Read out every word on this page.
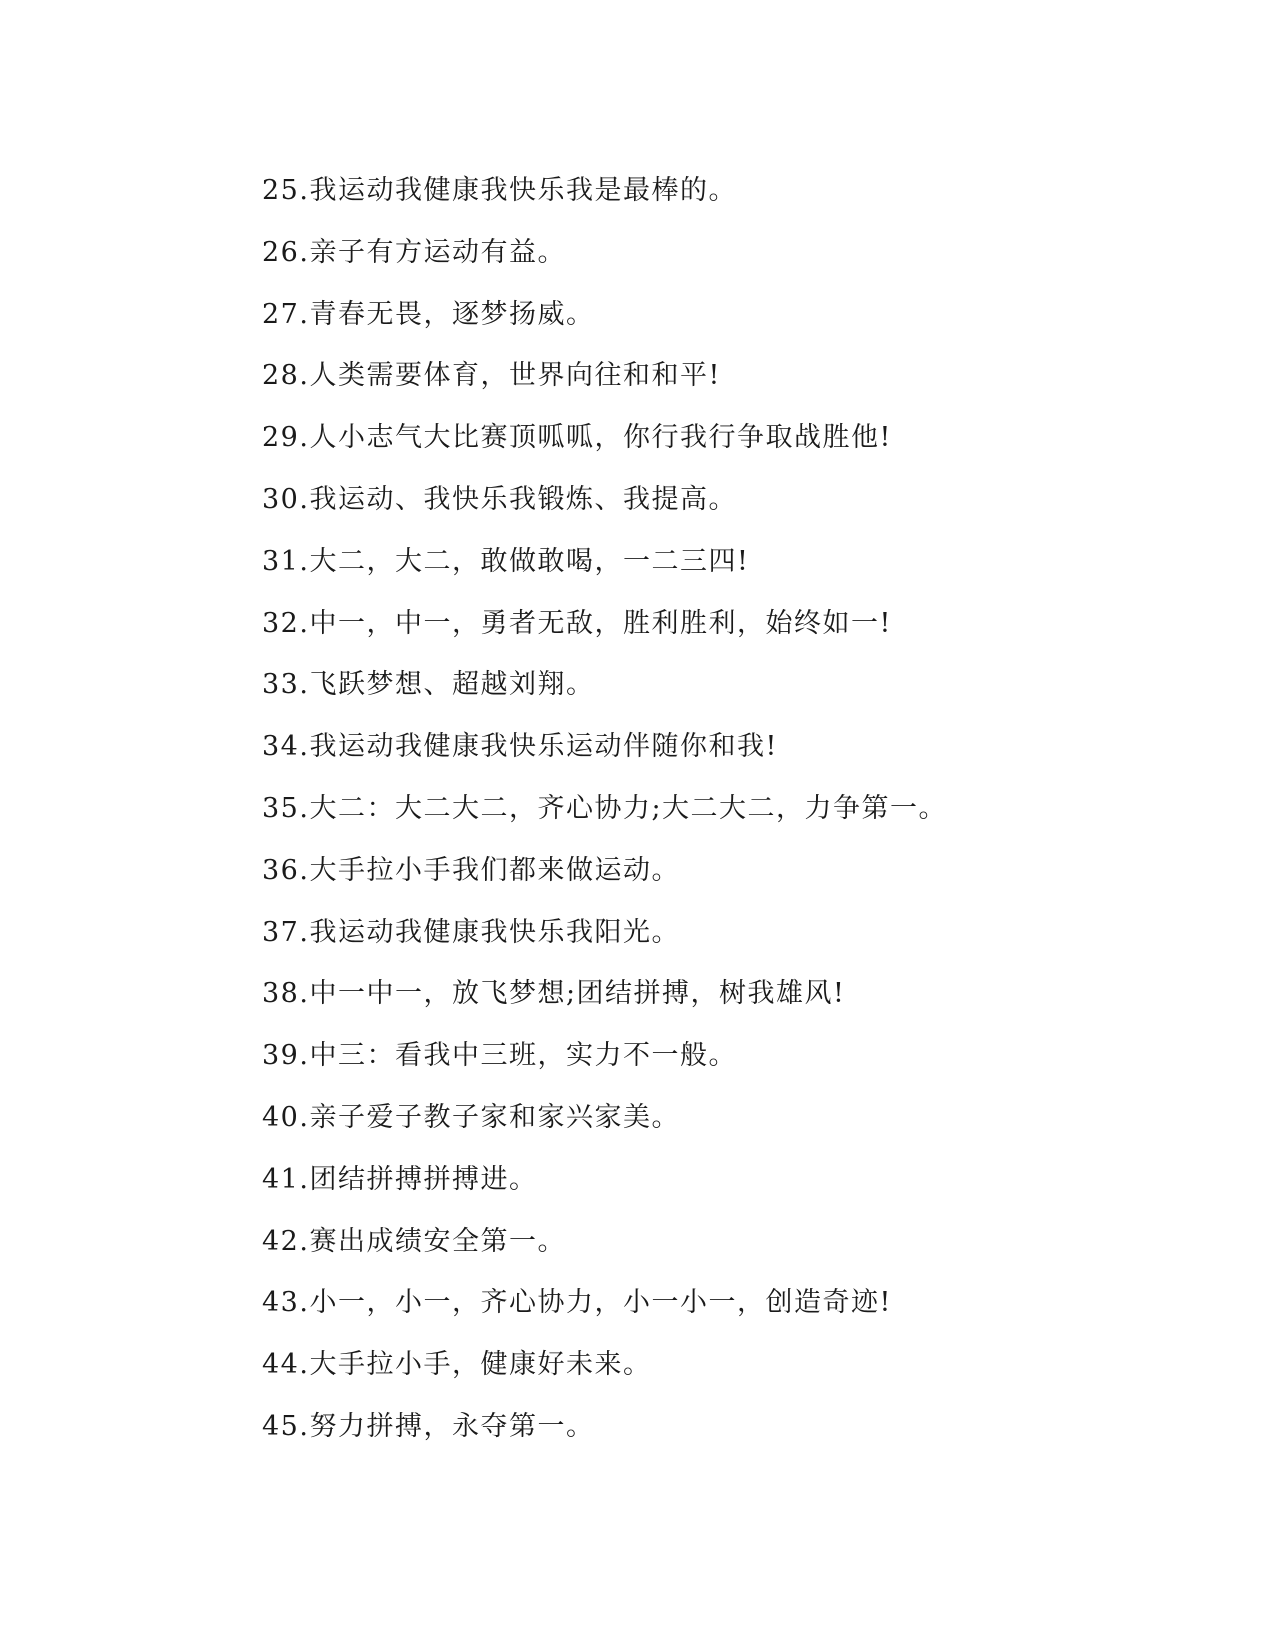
25.我运动我健康我快乐我是最棒的。
26.亲子有方运动有益。
27.青春无畏，逐梦扬威。
28.人类需要体育，世界向往和和平!
29.人小志气大比赛顶呱呱，你行我行争取战胜他!
30.我运动、我快乐我锻炼、我提高。
31.大二，大二，敢做敢喝，一二三四!
32.中一，中一，勇者无敌，胜利胜利，始终如一!
33.飞跃梦想、超越刘翔。
34.我运动我健康我快乐运动伴随你和我!
35.大二：大二大二，齐心协力;大二大二，力争第一。
36.大手拉小手我们都来做运动。
37.我运动我健康我快乐我阳光。
38.中一中一，放飞梦想;团结拼搏，树我雄风!
39.中三：看我中三班，实力不一般。
40.亲子爱子教子家和家兴家美。
41.团结拼搏拼搏进。
42.赛出成绩安全第一。
43.小一，小一，齐心协力，小一小一，创造奇迹!
44.大手拉小手，健康好未来。
45.努力拼搏，永夺第一。
